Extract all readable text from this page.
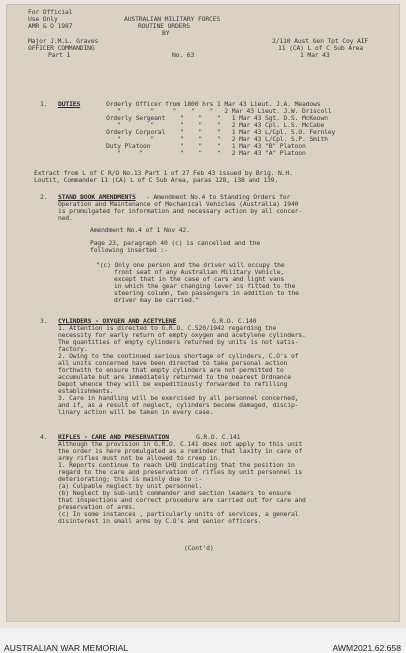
For Official
Use Only
AMR & O 1987
AUSTRALIAN MILITARY FORCES
ROUTINE ORDERS
BY
Major J.M.L. Graves
OFFICER COMMANDING
Part 1
2/110 Aust Gen Tpt Coy AIF
11 (CA) L of C Sub Area
1 Mar 43
No. 63
1. DUTIES	Orderly Officer from 1800 hrs 1 Mar 43 Lieut. J.A. Meadows
"        "     "    "    "   2 Mar 43 Lieut. J.W. Driscoll
Orderly Sergeant    "    "    "   1 Mar 43 Sgt. D.S. McKeown
"        "       "    "    "   2 Mar 43 Cpl. L.S. McCabe
Orderly Corporal    "    "    "   1 Mar 43 L/Cpl. S.O. Fernley
"        "       "    "    "   2 Mar 43 L/Cpl. S.P. Smith
Duty Platoon        "    "    "   1 Mar 43 "B" Platoon
"     "          "    "    "   2 Mar 43 "A" Platoon
Extract from L of C R/O No.13 Part 1 of 27 Feb 43 issued by Brig. N.H.
Loutit, Commander 11 (CA) L of C Sub Area, paras 128, 138 and 139.
2. STAND BOOK AMENDMENTS - Amendment No.4 to Standing Orders for
Operation and Maintenance of Mechanical Vehicles (Australia) 1940
is promulgated for information and necessary action by all concer-
ned.
Amendment No.4 of 1 Nov 42.
Page 23, paragraph 40 (c) is cancelled and the
following inserted :-
"(c) Only one person and the driver will occupy the
front seat of any Australian Military Vehicle,
except that in the case of cars and light vans
in which the gear changing lever is fitted to the
steering column, two passengers in addition to the
driver may be carried."
3. CYLINDERS - OXYGEN AND ACETYLENE	G.R.O. C.140
1. Attention is directed to G.R.O. C.520/1942 regarding the
necessity for early return of empty oxygen and acetylene cylinders.
The quantities of empty cylinders returned by units is not satis-
factory.
2. Owing to the continued serious shortage of cylinders, C.O's of
all units concerned have been directed to take personal action
forthwith to ensure that empty cylinders are not permitted to
accumulate but are immediately returned to the nearest Ordnance
Depot whence they will be expeditiously forwarded to refilling
establishments.
3. Care in handling will be exercised by all personnel concerned,
and if, as a result of neglect, cylinders become damaged, discip-
linary action will be taken in every case.
4. RIFLES - CARE AND PRESERVATION	G.R.O. C.141
Although the provision in G.R.O. C.141 does not apply to this unit
the order is here promulgated as a reminder that laxity in care of
army rifles must not be allowed to creep in.
1. Reports continue to reach LHQ indicating that the position in
regard to the care and preservation of rifles by unit personnel is
deteriorating; this is mainly due to :-
(a) Culpable neglect by unit personnel.
(b) Neglect by sub-unit commander and section leaders to ensure
that inspections and correct procedure are carried out for care and
preservation of arms.
(c) In some instances , particularly units of services, a general
disinterest in small arms by C.O's and senior officers.
(Cont'd)
AUSTRALIAN WAR MEMORIAL	AWM2021.62.658
